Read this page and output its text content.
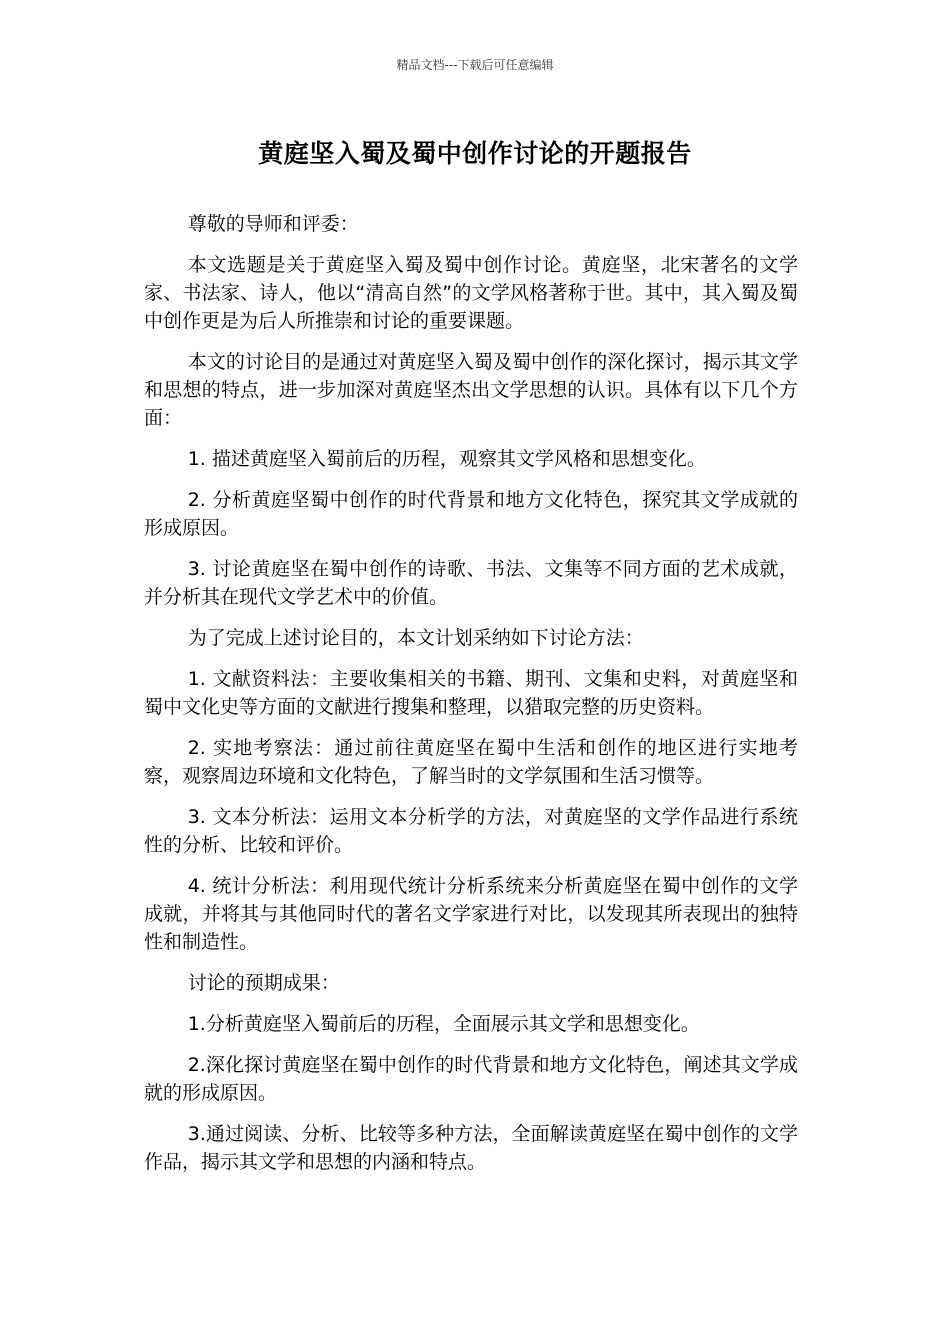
精品文档---下载后可任意编辑
黄庭坚入蜀及蜀中创作讨论的开题报告

尊敬的导师和评委：

本文选题是关于黄庭坚入蜀及蜀中创作讨论。黄庭坚，北宋著名的文学家、书法家、诗人，他以“清高自然”的文学风格著称于世。其中，其入蜀及蜀中创作更是为后人所推崇和讨论的重要课题。

本文的讨论目的是通过对黄庭坚入蜀及蜀中创作的深化探讨，揭示其文学和思想的特点，进一步加深对黄庭坚杰出文学思想的认识。具体有以下几个方面：

1. 描述黄庭坚入蜀前后的历程，观察其文学风格和思想变化。

2. 分析黄庭坚蜀中创作的时代背景和地方文化特色，探究其文学成就的形成原因。

3. 讨论黄庭坚在蜀中创作的诗歌、书法、文集等不同方面的艺术成就，并分析其在现代文学艺术中的价值。

为了完成上述讨论目的，本文计划采纳如下讨论方法：

1. 文献资料法：主要收集相关的书籍、期刊、文集和史料，对黄庭坚和蜀中文化史等方面的文献进行搜集和整理，以猎取完整的历史资料。

2. 实地考察法：通过前往黄庭坚在蜀中生活和创作的地区进行实地考察，观察周边环境和文化特色，了解当时的文学氛围和生活习惯等。

3. 文本分析法：运用文本分析学的方法，对黄庭坚的文学作品进行系统性的分析、比较和评价。

4. 统计分析法：利用现代统计分析系统来分析黄庭坚在蜀中创作的文学成就，并将其与其他同时代的著名文学家进行对比，以发现其所表现出的独特性和制造性。

讨论的预期成果：

1.分析黄庭坚入蜀前后的历程，全面展示其文学和思想变化。

2.深化探讨黄庭坚在蜀中创作的时代背景和地方文化特色，阐述其文学成就的形成原因。

3.通过阅读、分析、比较等多种方法，全面解读黄庭坚在蜀中创作的文学作品，揭示其文学和思想的内涵和特点。
